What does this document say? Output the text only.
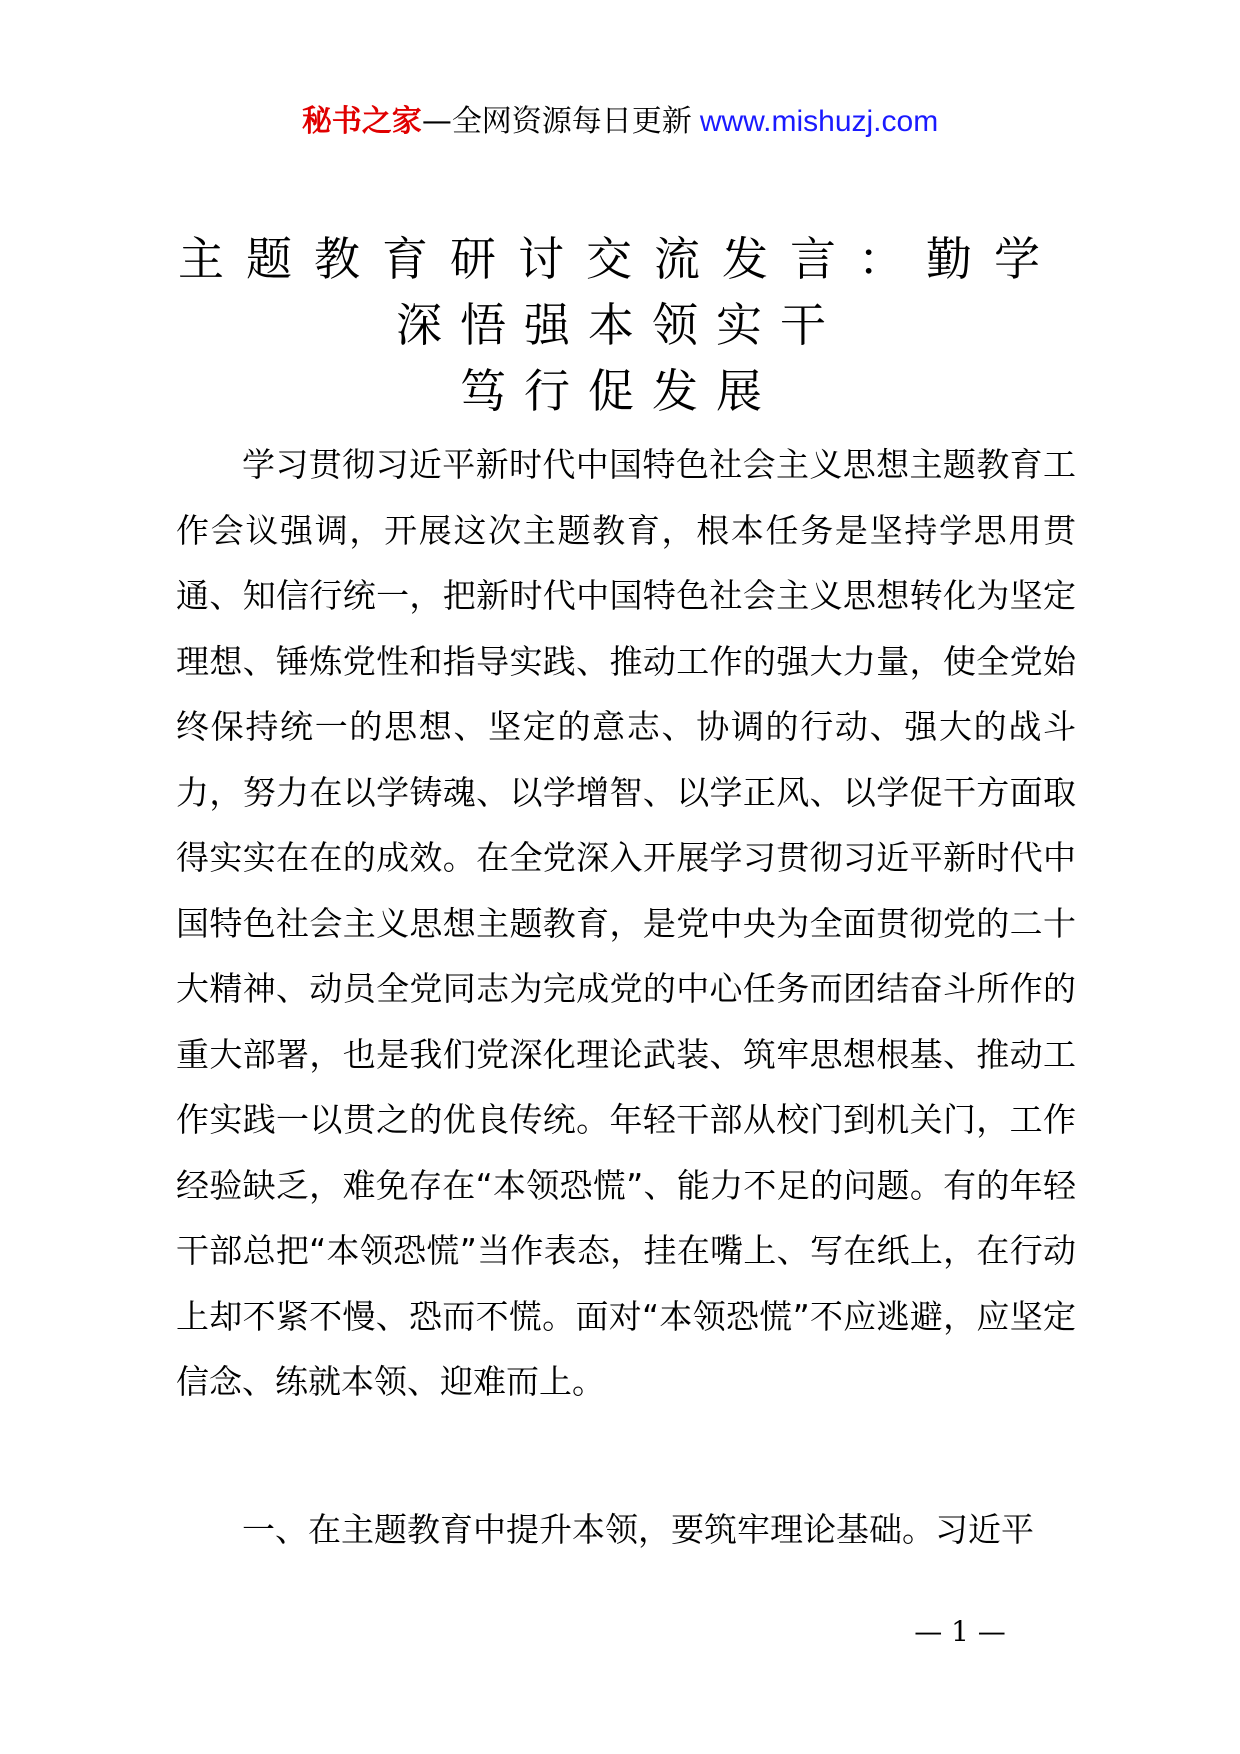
秘书之家—全网资源每日更新 www.mishuzj.com
主题教育研讨交流发言：勤学
深悟强本领实干
笃行促发展

学习贯彻习近平新时代中国特色社会主义思想主题教育工作会议强调，开展这次主题教育，根本任务是坚持学思用贯通、知信行统一，把新时代中国特色社会主义思想转化为坚定理想、锤炼党性和指导实践、推动工作的强大力量，使全党始终保持统一的思想、坚定的意志、协调的行动、强大的战斗力，努力在以学铸魂、以学增智、以学正风、以学促干方面取得实实在在的成效。在全党深入开展学习贯彻习近平新时代中国特色社会主义思想主题教育，是党中央为全面贯彻党的二十大精神、动员全党同志为完成党的中心任务而团结奋斗所作的重大部署，也是我们党深化理论武装、筑牢思想根基、推动工作实践一以贯之的优良传统。年轻干部从校门到机关门，工作经验缺乏，难免存在“本领恐慌”、能力不足的问题。有的年轻干部总把“本领恐慌”当作表态，挂在嘴上、写在纸上，在行动上却不紧不慢、恐而不慌。面对“本领恐慌”不应逃避，应坚定信念、练就本领、迎难而上。

一、在主题教育中提升本领，要筑牢理论基础。习近平

— 1 —
